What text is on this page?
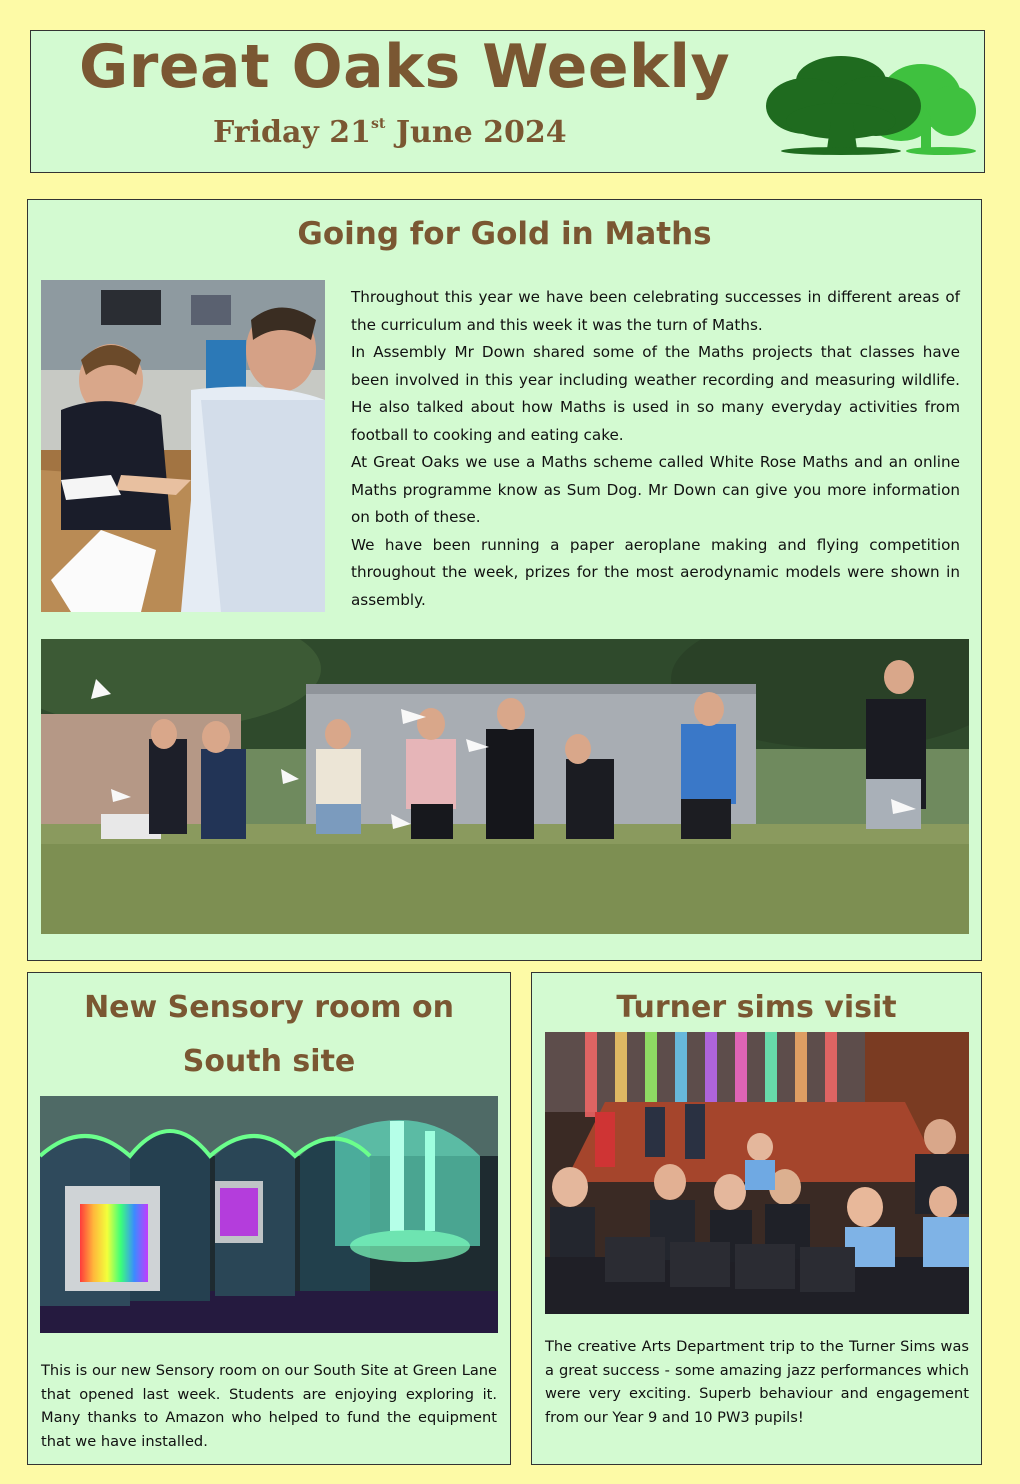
Great Oaks Weekly

Friday 21st June 2024

Going for Gold in Maths

Throughout this year we have been celebrating successes in different areas of the curriculum and this week it was the turn of Maths.

In Assembly Mr Down shared some of the Maths projects that classes have been involved in this year including weather recording and measuring wildlife. He also talked about how Maths is used in so many everyday activities from football to cooking and eating cake.

At Great Oaks we use a Maths scheme called White Rose Maths and an online Maths programme know as Sum Dog. Mr Down can give you more information on both of these.

We have been running a paper aeroplane making and flying competition throughout the week, prizes for the most aerodynamic models were shown in assembly.

New Sensory room on South site

This is our new Sensory room on our South Site at Green Lane that opened last week. Students are enjoying exploring it. Many thanks to Amazon who helped to fund the equipment that we have installed.

Turner sims visit

The creative Arts Department trip to the Turner Sims was a great success - some amazing jazz performances which were very exciting. Superb behaviour and engagement from our Year 9 and 10 PW3 pupils!
